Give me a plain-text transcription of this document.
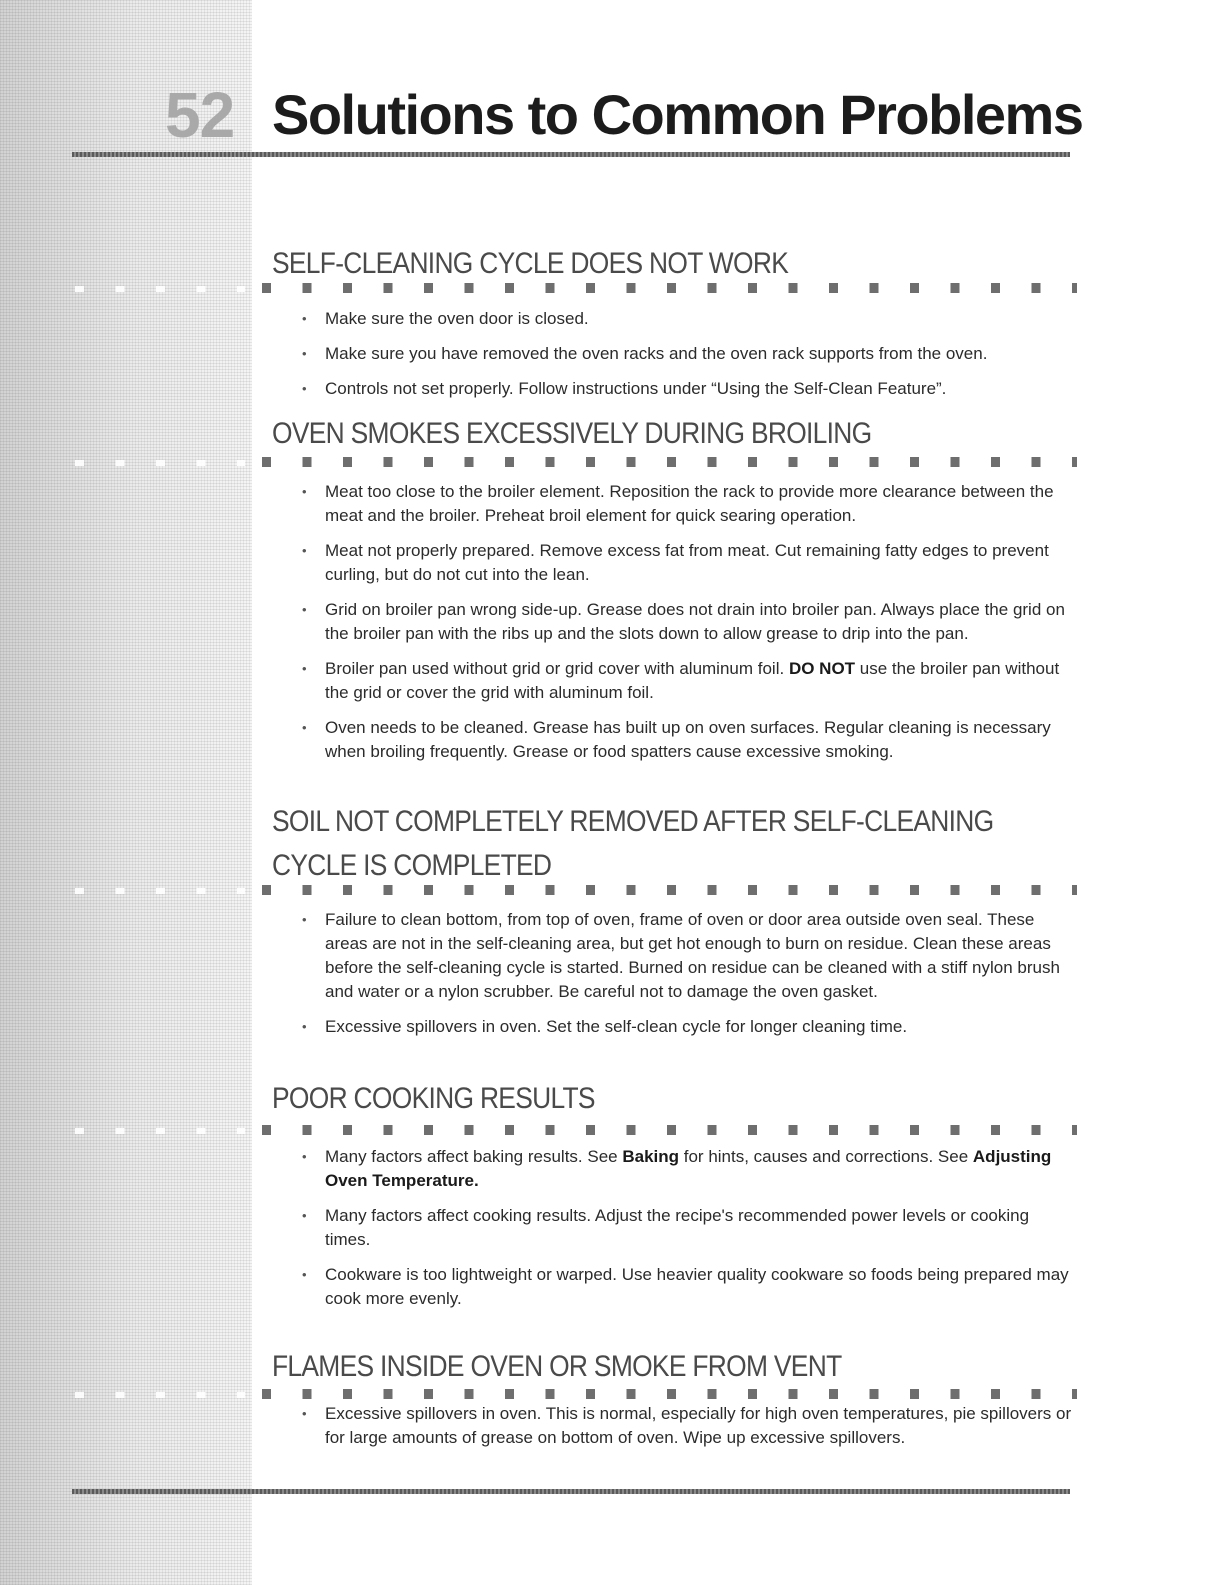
52 Solutions to Common Problems
SELF-CLEANING CYCLE DOES NOT WORK
• Make sure the oven door is closed.
• Make sure you have removed the oven racks and the oven rack supports from the oven.
• Controls not set properly. Follow instructions under “Using the Self-Clean Feature”.
OVEN SMOKES EXCESSIVELY DURING BROILING
• Meat too close to the broiler element. Reposition the rack to provide more clearance between the meat and the broiler. Preheat broil element for quick searing operation.
• Meat not properly prepared. Remove excess fat from meat. Cut remaining fatty edges to prevent curling, but do not cut into the lean.
• Grid on broiler pan wrong side-up. Grease does not drain into broiler pan. Always place the grid on the broiler pan with the ribs up and the slots down to allow grease to drip into the pan.
• Broiler pan used without grid or grid cover with aluminum foil. DO NOT use the broiler pan without the grid or cover the grid with aluminum foil.
• Oven needs to be cleaned. Grease has built up on oven surfaces. Regular cleaning is necessary when broiling frequently. Grease or food spatters cause excessive smoking.
SOIL NOT COMPLETELY REMOVED AFTER SELF-CLEANING
CYCLE IS COMPLETED
• Failure to clean bottom, from top of oven, frame of oven or door area outside oven seal. These areas are not in the self-cleaning area, but get hot enough to burn on residue. Clean these areas before the self-cleaning cycle is started. Burned on residue can be cleaned with a stiff nylon brush and water or a nylon scrubber. Be careful not to damage the oven gasket.
• Excessive spillovers in oven. Set the self-clean cycle for longer cleaning time.
POOR COOKING RESULTS
• Many factors affect baking results. See Baking for hints, causes and corrections. See Adjusting Oven Temperature.
• Many factors affect cooking results. Adjust the recipe's recommended power levels or cooking times.
• Cookware is too lightweight or warped. Use heavier quality cookware so foods being prepared may cook more evenly.
FLAMES INSIDE OVEN OR SMOKE FROM VENT
• Excessive spillovers in oven. This is normal, especially for high oven temperatures, pie spillovers or for large amounts of grease on bottom of oven. Wipe up excessive spillovers.
